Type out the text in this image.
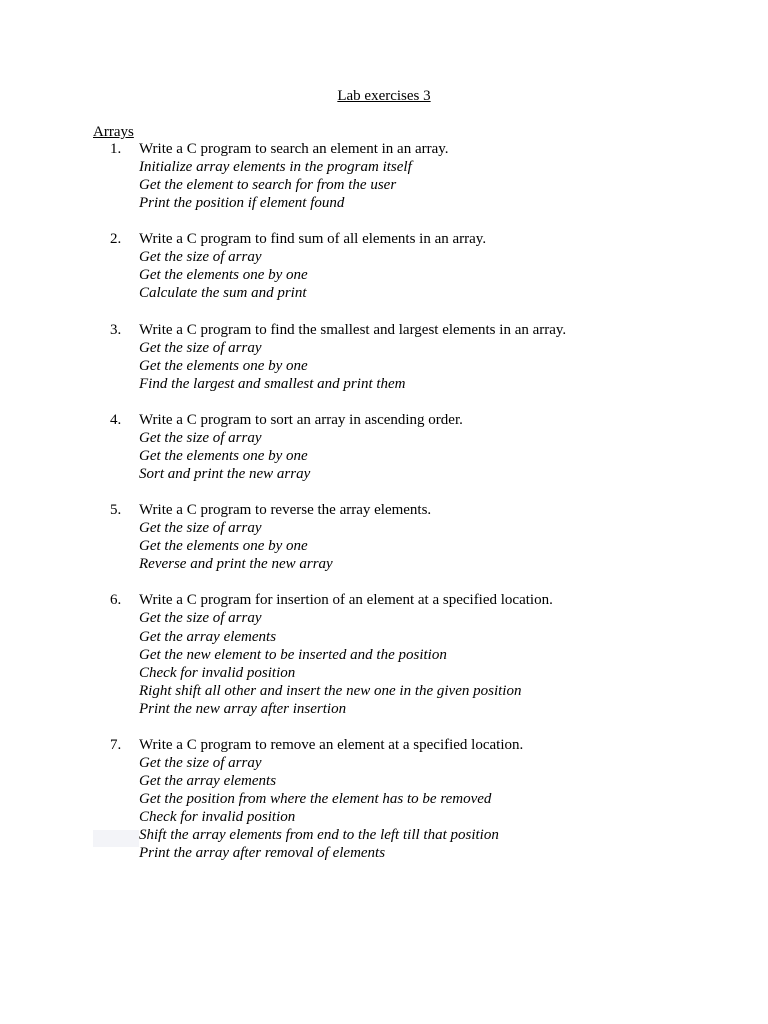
Lab exercises 3
Arrays
1.	Write a C program to search an element in an array.
Initialize array elements in the program itself
Get the element to search for from the user
Print the position if element found
2.	Write a C program to find sum of all elements in an array.
Get the size of array
Get the elements one by one
Calculate the sum and print
3.	Write a C program to find the smallest and largest elements in an array.
Get the size of array
Get the elements one by one
Find the largest and smallest and print them
4.	Write a C program to sort an array in ascending order.
Get the size of array
Get the elements one by one
Sort and print the new array
5.	Write a C program to reverse the array elements.
Get the size of array
Get the elements one by one
Reverse and print the new array
6.	Write a C program for insertion of an element at a specified location.
Get the size of array
Get the array elements
Get the new element to be inserted and the position
Check for invalid position
Right shift all other and insert the new one in the given position
Print the new array after insertion
7.	Write a C program to remove an element at a specified location.
Get the size of array
Get the array elements
Get the position from where the element has to be removed
Check for invalid position
Shift the array elements from end to the left till that position
Print the array after removal of elements
